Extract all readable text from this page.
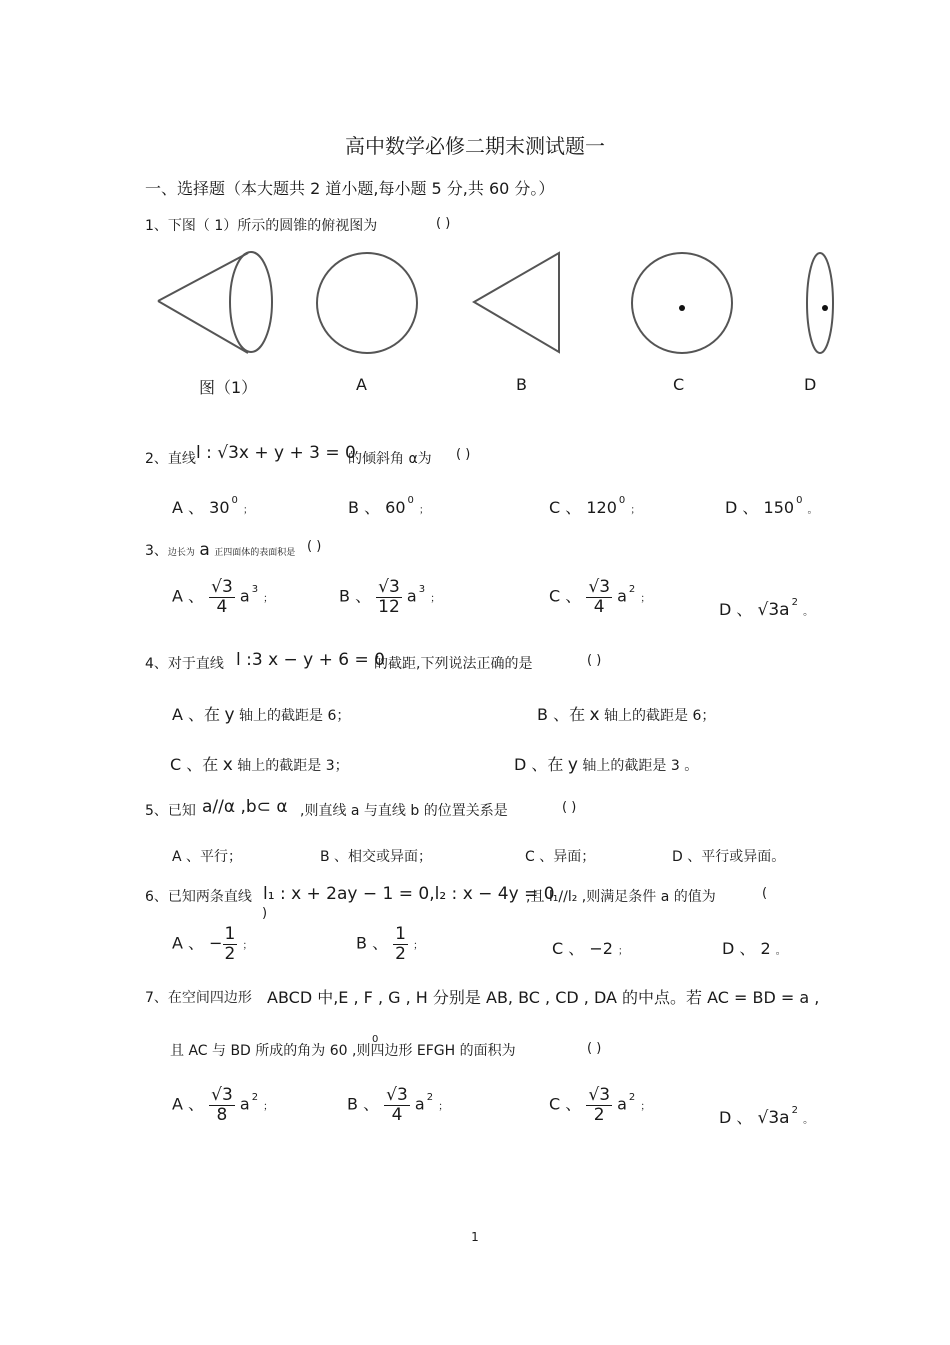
高中数学必修二期末测试题一
一、选择题（本大题共 2 道小题,每小题 5 分,共 60 分。）
1、下图（ 1）所示的圆锥的俯视图为	( )
图（1）	A	B	C	D
2、直线 l : √3x + y + 3 = 0
的倾斜角 α为 ( )
A 、 30 $^0$ ；	B 、 60 $^0$ ；	C 、 120 $^0$ ；	D 、 150 $^0$ 。
3、边长为 a 正四面体的表面积是 ( )
A 、 $\frac{√3}{4}$ a $^3$ ；	B 、 $\frac{√3}{12}$ a $^3$ ；	C 、 $\frac{√3}{4}$ a $^2$ ；
D 、 √3a $^2$ 。
4、对于直线 l :3 x − y + 6 = 0
的截距,下列说法正确的是	( )
A 、在 y 轴上的截距是 6；	B 、在 x 轴上的截距是 6；
C 、在 x 轴上的截距是 3；	D 、在 y 轴上的截距是 3 。
5、已知 a//α ,b⊂ α ,则直线 a 与直线 b 的位置关系是	( )
A 、平行；	B 、相交或异面；	C 、异面；	D 、平行或异面。
6、已知两条直线 l₁ : x + 2ay − 1 = 0,l₂ : x − 4y = 0
,且 l₁//l₂ ,则满足条件 a 的值为	(
)
A 、 − $\frac{1}{2}$ ；	B 、 $\frac{1}{2}$ ；	C 、 −2 ；	D 、 2 。
7、在空间四边形 ABCD 中,E , F , G , H 分别是 AB, BC , CD , DA 的中点。若 AC = BD = a ,
且 AC 与 BD 所成的角为 60 ,则四边形 EFGH 的面积为
0
( )
A 、 $\frac{√3}{8}$ a $^2$ ；	B 、 $\frac{√3}{4}$ a $^2$ ；	C 、 $\frac{√3}{2}$ a $^2$ ；
D 、 √3a $^2$ 。
1
